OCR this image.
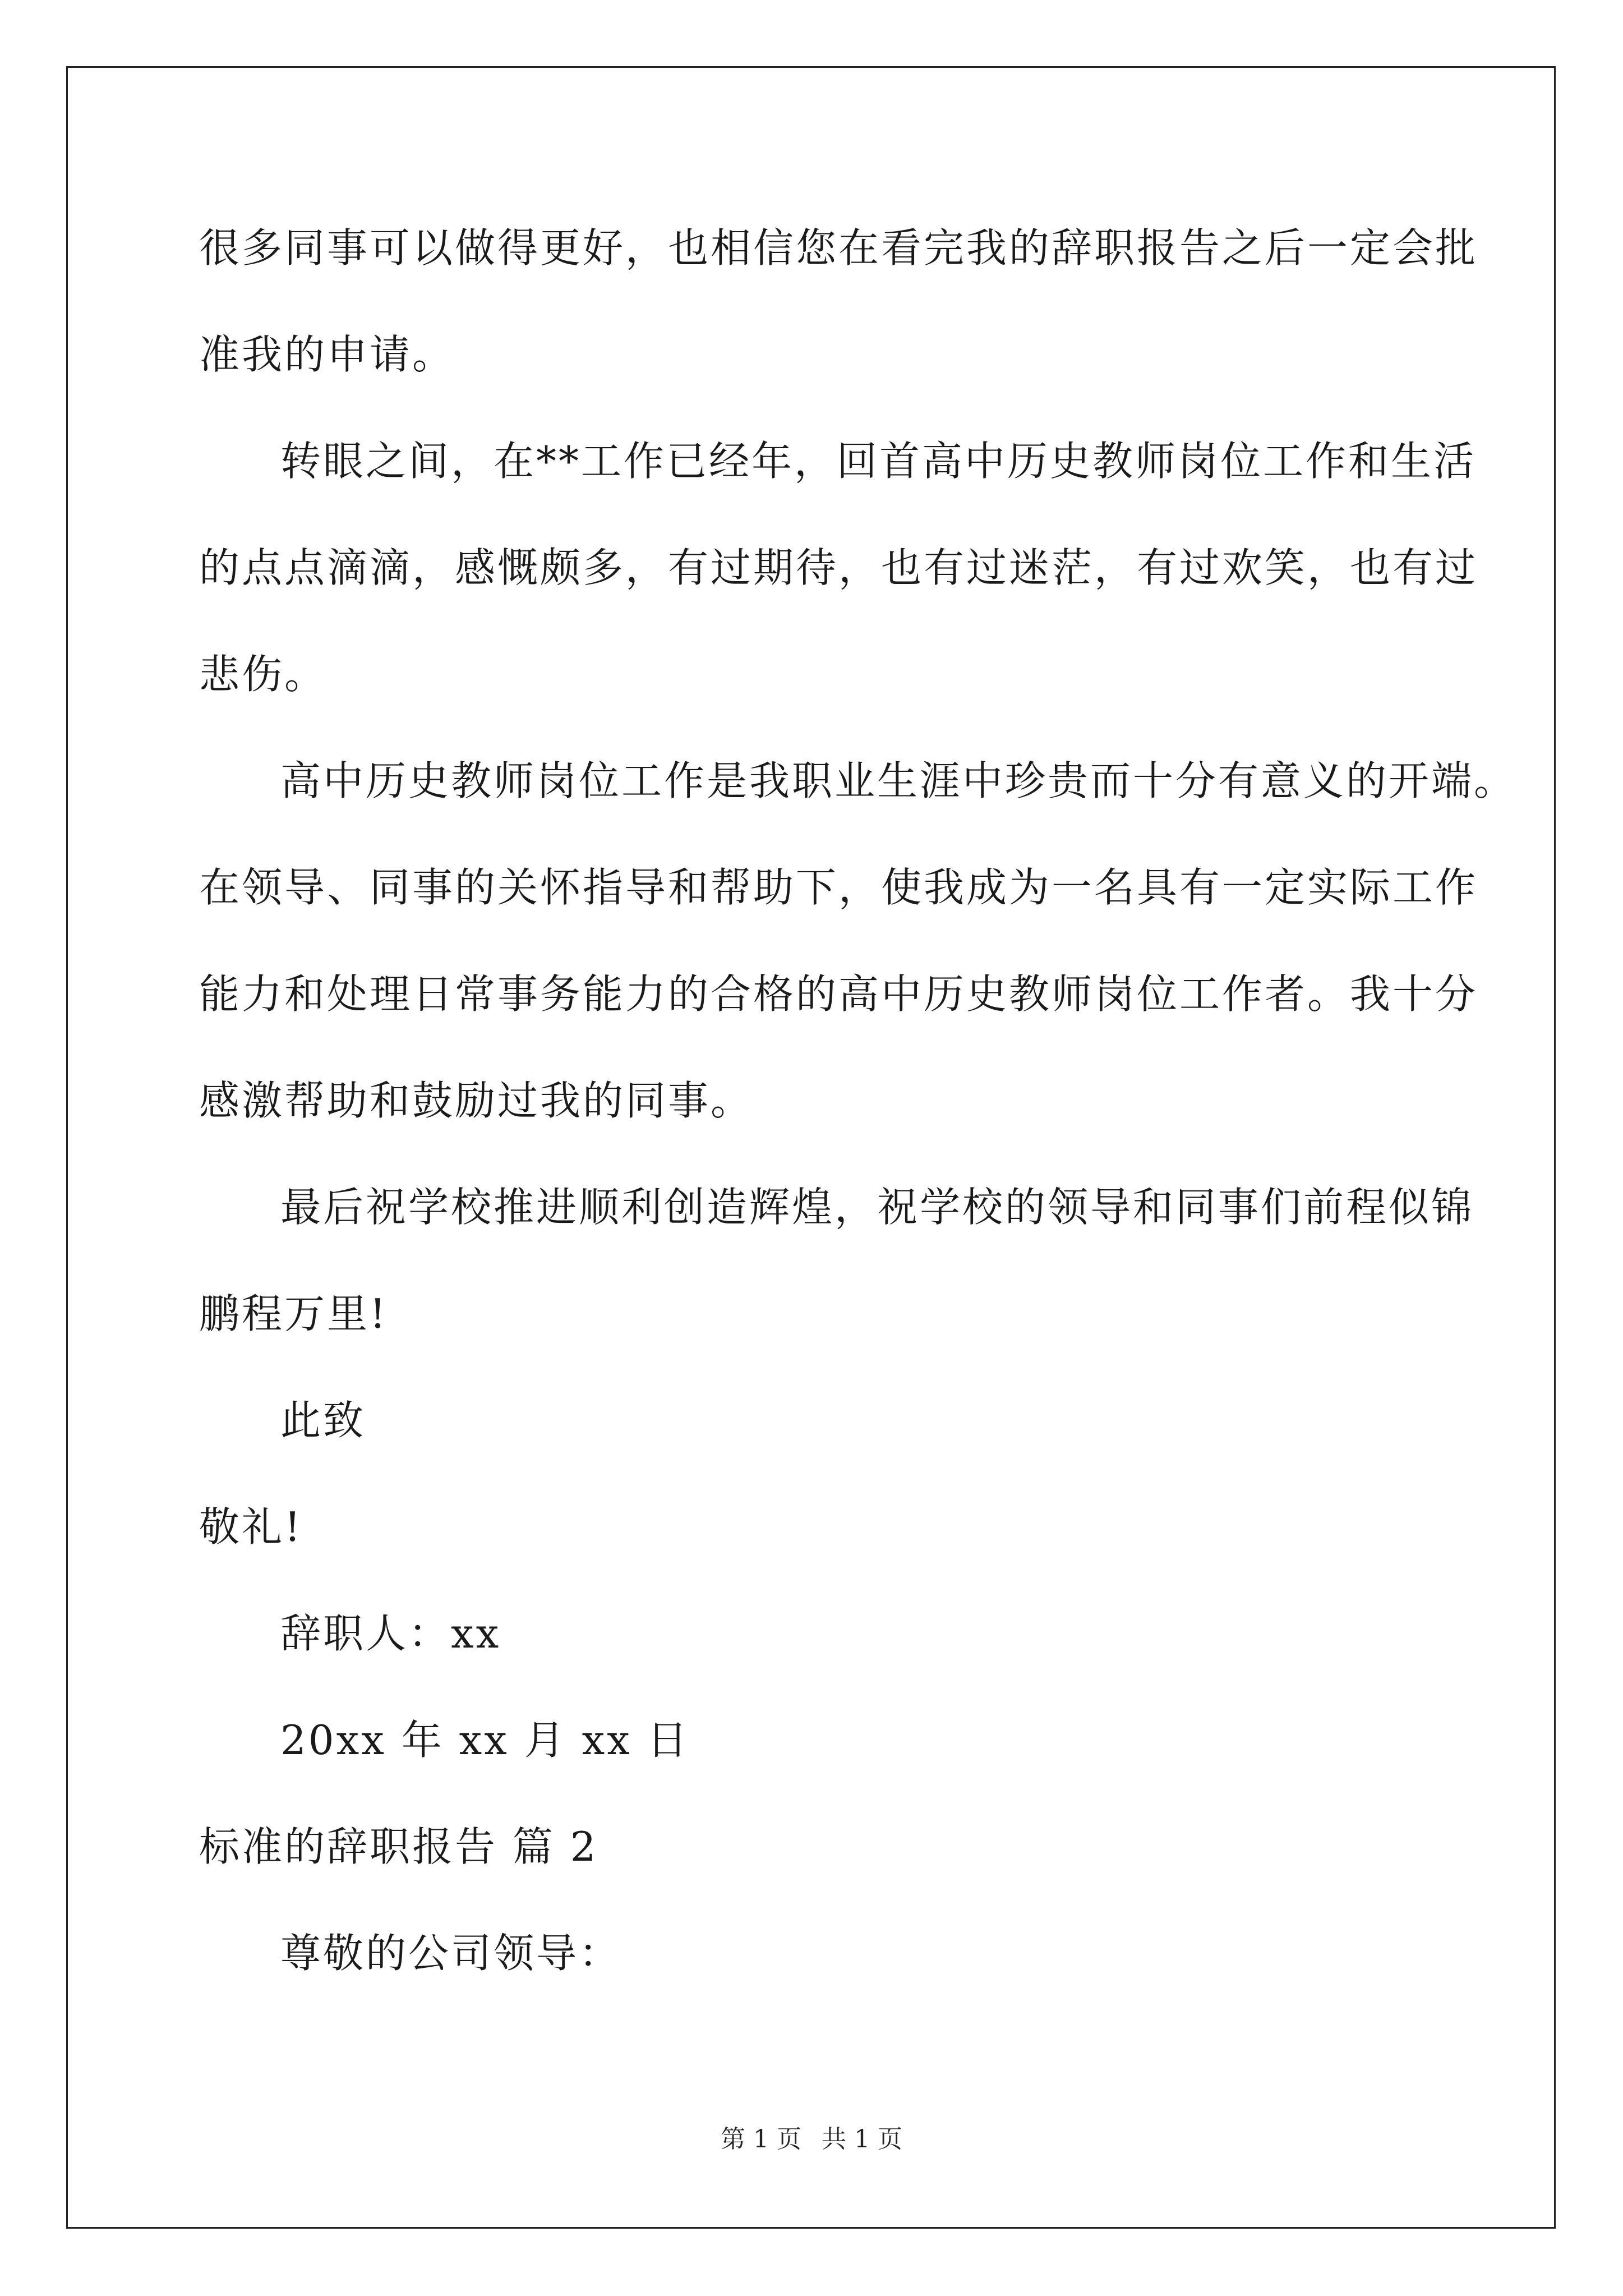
很多同事可以做得更好，也相信您在看完我的辞职报告之后一定会批
准我的申请。
转眼之间，在**工作已经年，回首高中历史教师岗位工作和生活
的点点滴滴，感慨颇多，有过期待，也有过迷茫，有过欢笑，也有过
悲伤。
高中历史教师岗位工作是我职业生涯中珍贵而十分有意义的开端。
在领导、同事的关怀指导和帮助下，使我成为一名具有一定实际工作
能力和处理日常事务能力的合格的高中历史教师岗位工作者。我十分
感激帮助和鼓励过我的同事。
最后祝学校推进顺利创造辉煌，祝学校的领导和同事们前程似锦
鹏程万里!
此致
敬礼!
辞职人：xx
20xx 年 xx 月 xx 日
标准的辞职报告 篇 2
尊敬的公司领导：
第 1 页 共 1 页
